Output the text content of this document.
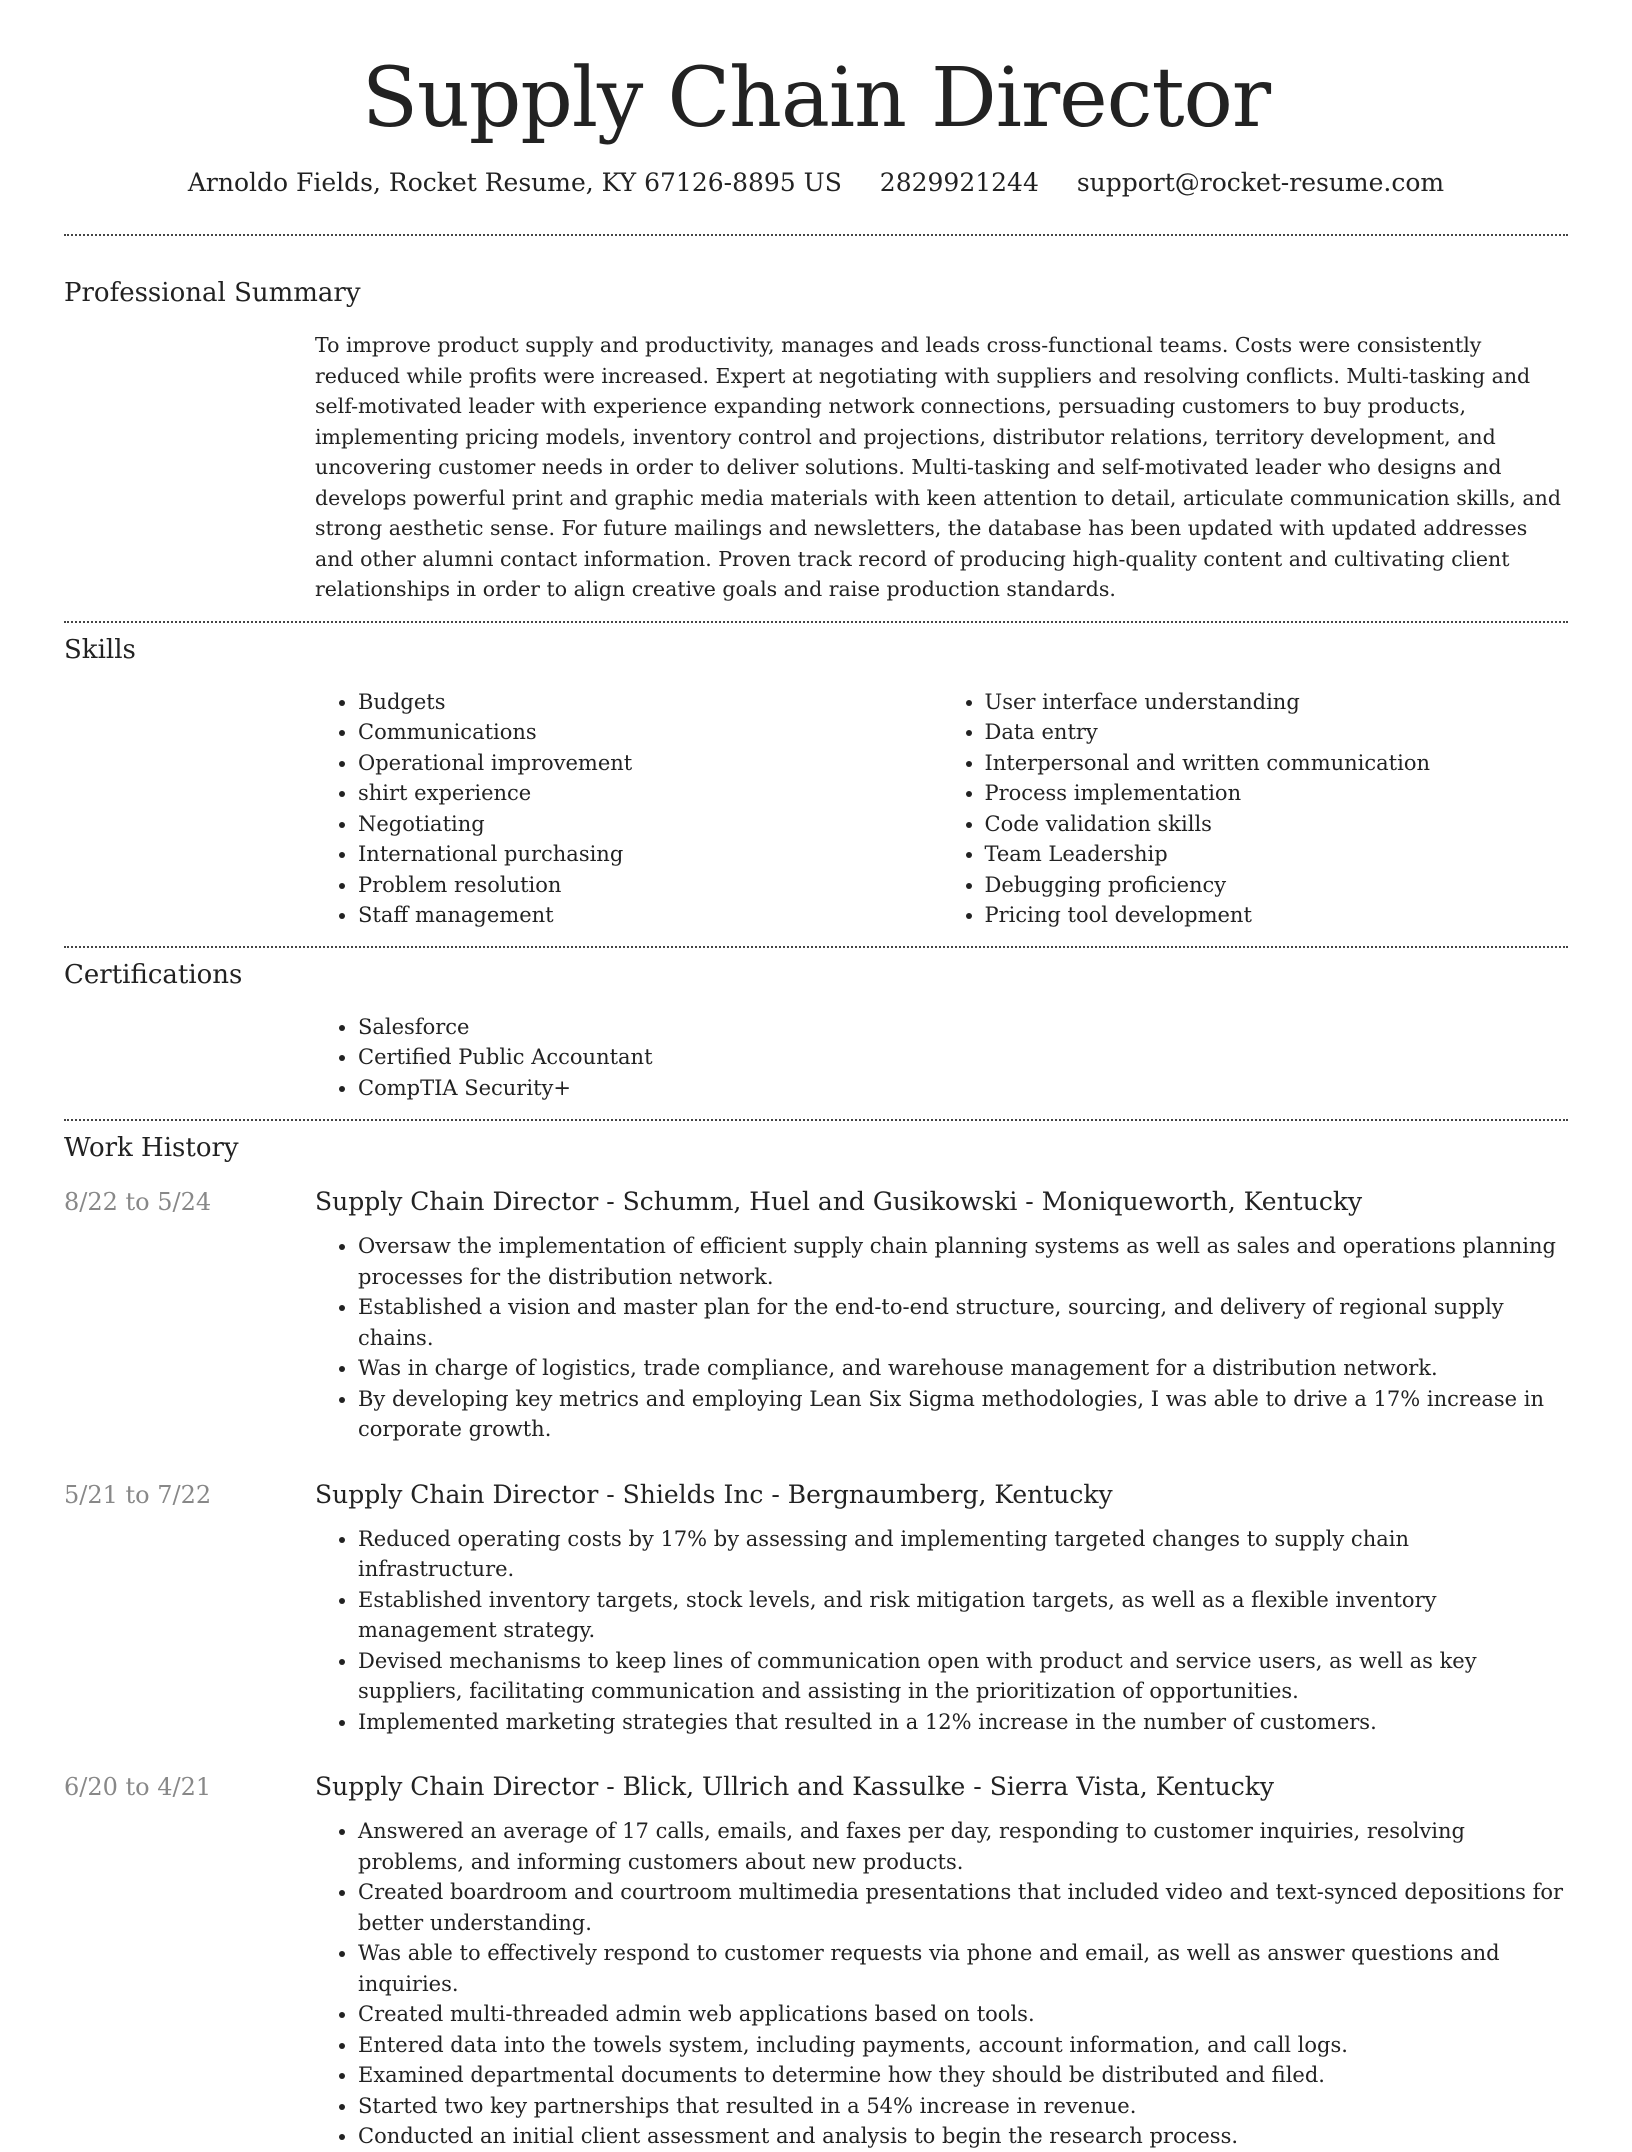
Supply Chain Director
Arnoldo Fields, Rocket Resume, KY 67126-8895 US 2829921244 support@rocket-resume.com
Professional Summary

To improve product supply and productivity, manages and leads cross-functional teams. Costs were consistently reduced while profits were increased. Expert at negotiating with suppliers and resolving conflicts. Multi-tasking and self-motivated leader with experience expanding network connections, persuading customers to buy products, implementing pricing models, inventory control and projections, distributor relations, territory development, and uncovering customer needs in order to deliver solutions. Multi-tasking and self-motivated leader who designs and develops powerful print and graphic media materials with keen attention to detail, articulate communication skills, and strong aesthetic sense. For future mailings and newsletters, the database has been updated with updated addresses and other alumni contact information. Proven track record of producing high-quality content and cultivating client relationships in order to align creative goals and raise production standards.

Skills
• Budgets
• Communications
• Operational improvement
• shirt experience
• Negotiating
• International purchasing
• Problem resolution
• Staff management
• User interface understanding
• Data entry
• Interpersonal and written communication
• Process implementation
• Code validation skills
• Team Leadership
• Debugging proficiency
• Pricing tool development
Certifications
• Salesforce
• Certified Public Accountant
• CompTIA Security+
Work History
8/22 to 5/24	Supply Chain Director - Schumm, Huel and Gusikowski - Moniqueworth, Kentucky
• Oversaw the implementation of efficient supply chain planning systems as well as sales and operations planning processes for the distribution network.
• Established a vision and master plan for the end-to-end structure, sourcing, and delivery of regional supply chains.
• Was in charge of logistics, trade compliance, and warehouse management for a distribution network.
• By developing key metrics and employing Lean Six Sigma methodologies, I was able to drive a 17% increase in corporate growth.
5/21 to 7/22	Supply Chain Director - Shields Inc - Bergnaumberg, Kentucky
• Reduced operating costs by 17% by assessing and implementing targeted changes to supply chain infrastructure.
• Established inventory targets, stock levels, and risk mitigation targets, as well as a flexible inventory management strategy.
• Devised mechanisms to keep lines of communication open with product and service users, as well as key suppliers, facilitating communication and assisting in the prioritization of opportunities.
• Implemented marketing strategies that resulted in a 12% increase in the number of customers.
6/20 to 4/21	Supply Chain Director - Blick, Ullrich and Kassulke - Sierra Vista, Kentucky
• Answered an average of 17 calls, emails, and faxes per day, responding to customer inquiries, resolving problems, and informing customers about new products.
• Created boardroom and courtroom multimedia presentations that included video and text-synced depositions for better understanding.
• Was able to effectively respond to customer requests via phone and email, as well as answer questions and inquiries.
• Created multi-threaded admin web applications based on tools.
• Entered data into the towels system, including payments, account information, and call logs.
• Examined departmental documents to determine how they should be distributed and filed.
• Started two key partnerships that resulted in a 54% increase in revenue.
• Conducted an initial client assessment and analysis to begin the research process.
